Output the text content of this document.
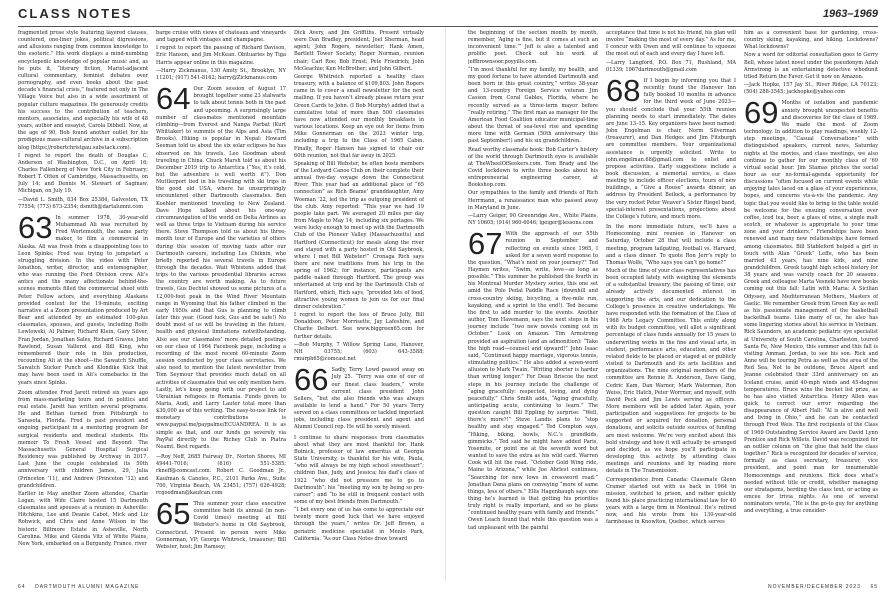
CLASS NOTES	1963–1969

fragmented prose style featuring layered clauses, countered, one-liner jokes, political digressions, and allusions ranging from common knowledge to the esoteric.” His work displays a mind-numbing encyclopedic knowledge of popular music and, as he puts it, “literary fiction, Marist-adjacent cultural commentary, feminist debates over pornography, and even books about the past decade’s financial crisis,” featured not only in The Village Voice but also in a wide assortment of popular culture magazines. He generously credits his success to the contribution of teachers, mentors, associates, and especially his wife of 48 years, author and essayist, Carola Dibbell. Now, at the age of 90, Bob found another outlet for his prodigious mass-cultural archive in a subscription blog (https://robertchristgau.substack.com).

I regret to report the death of Douglas C. Anderson of Washington, D.C., on April 16; Charles Fallenberg of New York City in February; Robert T. Otten of Cambridge, Massachusetts, on July 14; and Dennis M. Stewart of Saginaw, Michigan, on July 19.

—David L. Smith, 834 Box 25384, Galveston, TX 77554; (773) 673-2354; dsmith@dartalumni.com

63 In summer 1978, 30-year-old Muhammad Ali was recruited by Fred Wortemouth, the same party maker, to film a commercial in Alaska. Ali was fresh from a disappointing loss to Leon Spinks; Fred was trying to jumpstart a struggling division. In the video with Peter Ionathon, writer, director, and entomographer, who was running the Ford Division crew. Ali’s antics and the many affectionate behind-the-scenes moments filled the commercial shoot with Peter. Fellow actors, and everything Alaskans provided context for the 19-minute, exciting narrative at a Zoom presentation produced by Art Bear and attended by an estimated 100-plus classmates, spouses, and guests, including Rolfe Lowlowski, Al Palmer, Richard Klein, Gary Silver, Fran Jordan, Jonathan Sales, Richard Graves, John Rawlend, Susan Vallerot and Bill King, who remembered their role in this production, recounting Ali at the shoot—the Sawatch Shuffle, Sawatch Sucker Punch and Klondike Kick that may have been used in Ali’s comebacks in the years since Spinks.

Zoom attendee Fred Jarett retired six years ago from mass-marketing tours and in politics and real estate. Jarett has written several programs. He and Bethan turned from Pittsburgh to Sarasota, Florida. Fred is past president and ongoing participant in a mentoring program for surgical residents and medical students. His memoir To Fresh Vessel and Beyond: The Massachusetts General Hospital Surgical Residency was published by Archway in 2017. Last June the couple celebrated its 50th anniversary with children James, 29, Julia (Princeton ’11), and Andrew (Princeton ’12) and grandchildren.

Earlier in May another Zoom attendee, Charlie Logan, with Wife Claire hosted 15 Dartmouth classmates and spouses at a reunion in Asheville: Hitchkins, Lee and Deanie Cabot, Mick and Liz Rohwick, and Chris and Anne Wilson in the historic Biltmore Estate in Asheville, North Carolina. Mike and Glenda Vitz of White Plains, New York, embarked on a Burgundy, France, river

barge cruise with views of chateaux and vineyards and tapped with vintages and champagne.

I regret to report the passing of Richard Davison, Eric Hanson, and Jim McKean. Obituaries by Tiga Harris appear online in this magazine.

—Harry Zickmanus, 130 Amity St., Brooklyn, NY 11201; (917) 541-8162; harry@Zickmanus.com

64 Our Zoom session of August 17 brought together some 23 stalwarts to talk about tennis both in the past and upcoming. A surprisingly large number of classmates mentioned mountain climbing—from Everest and Nanga Parbat (Kurt Whittaker) to summits of the Alps and Asia (Tim Brooks). Hiking is popular in Nepal: Howard Seeman told us about the six solar eclipses he has observed on his travels. Leo Goodman about traveling in China. Chuck Marsh told us about his December 2019 trip to Antarctica (“Yes, it’s cold, but the adventure is well worth it”). Don Muttlerport tied in his traveling with ski trips in the good old USA, where he unsurprisingly encountered other Dartmouth classmates. Ben Koehler mentioned traveling to New Zealand. Dave Hope talked about his one-way circumnavigation of the world on Delta Airlines as well as three trips to Vietnam during his service there. Steve Thompson told us about his three-month tour of Europe and the varieties of others during this session of moving taxis after our Dartmouth careers, including Les Chiknin, who briefly reported his several travels in Europe through the decades. Wait Whistens added that trips to the various presidential libraries across the country are worth making. As to future travels, Gus Dechtel showed us some pictures of a 12,000-foot peak in the Wind River Mountain range in Wyoming that his father climbed in the early 1950s and that Gus is planning to climb later this year. (Good luck, Gus and be safe!) No doubt most of us will be traveling in the future, health and physical limitations notwithstanding. Also see our classmates’ more detailed postings on our class of 1964 Facebook page, including a recording of the most recent 60-minute Zoom session conducted by your class secretaries. We also need to mention the latest newsletter from Tom Seymour that provides much detail on all activities of classmates that we only mention here. Lastly, let’s keep going with our project to aid Ukrainian refugees in Romania. Funds given to Maria, Audi, and Larry Lauter total more than $30,000 as of this writing. The easy-to-use link for monetary contributions is www.paypal.me/paypalme/ECUANDREA. It is as simple as that, and our funds go severely via PayPal directly to the Richey Club in Piatra Neamt. Best regards.

—Roy Neff, 2685 Fairway Dr., Norton Shores, MI 49441-7016; (616) 551-5385; rkneff@comcast.com. Robert C. Goodman Jr., Kaufman & Canoles, P.C., 2101 Parks Ave., Suite 700, Virginia Beach, VA 23451; (757) 626-4928; rcgoodman@kaufcan.com

65 This summer your class executive committee held its annual (in non-Covid times) meeting at Bill Webster’s home in Old Saybrook, Connecticut. Present in person were Mike Gonnerman, VP; George Whitrock, treasurer; Bill Webster, host; Jim Ramsey;

Dick Avery, and Jim Griffiths. Present virtually were Dan Bradley, president; Joel Sherman, head agent; John Rogers, newsletter; Hank Amen, Bartlett Tower Society; Roger Norman, reunion chair; Carl Roe; Bob Ernst; Pete Friedrich; John McGeachie; Ken McBrother; and John Gilbert.

George Whitreich reported a healthy class treasury, with a balance of $109,803. John Rogers came in to cover a small newsletter for the next mailing. If you haven’t already please return your Green Cards to John. (I Bob Murphy) added that a cumulative total of more than 500 classmates have now attended our monthly breakfasts in various locations. Keep an eye out for items from Mike Gonnerman on the 2023 winter trip, including a trip to the Class of 1965 Cabin. Finally, Roger Hansen has signed to chair our 60th reunion, not that far away in 2025.

Speaking of Bill Webster, he often hosts members of the Ledyard Canoe Club on their complete their annual five-day voyage down the Connecticut River. This year had an additional place of “65 connection” as Rich Beame’ granddaughter, Amy Woeman ’22, led the trip as outgoing president of the club. Amy reported: “This year we had 19 people take part. We averaged 20 miles per day from Maple to May 14, including six portages. We were lucky enough to meet up with the Dartmouth Club of the Pioneer Valley (Massachusetts) and Hartford (Connecticut) for meals along the river and stayed with a party hosted in Old Saybrook, where I met Bill Webster!” Cronaga Rich says there are new traditions from his trip in the spring of 1962; for instance, participants are paddle naked through Hartford. The group was entertained at trip end by the Dartmouth Club of Hartford, which, Rich says, “provided lots of food, attractive young women to join us for our final dinner celebration.”

I regret to report the loss of Bruce Jolly, Bill Donaldson, Peter Morrisette, Jay Lafeshire, and Charlie Delhert. See www.biggreen65.com for further details.

—Bob Murphy, 7 Willow Spring Lane, Hanover, NH 03755; (603) 643-3588; rmurph65@comcast.net

66 Sadly, Terry Lowd passed away on July 25. “Terry was one of our of our finest class leaders,” wrote current class president John Sellers, “but she also friends who was always available to lend a hand.” For 50 years Terry served on a class committees or tackled important jobs, including class president and agent and Alumni Council rep. He will be sorely missed.

I continue to share responses from classmates about what they are most thankful for. Hank Botnick, professor of law emeritus at Georgia State University, is thankful for his wife, Paula, “who will always be my high school sweetheart”; children Dan, Judy, and Jessica; his dad’s class of 1922 “who did not pressure me to go to Dartmouth”; his “meeting my son by being so pro-career”; and “to be still in frequent contact with some of my best friends from Dartmouth.”

“I bet every one of us has come to appreciate our twenty more good luck that we have enjoyed through the years,” writes Dr. Jeff Brown, a geriatric medicine specialist in Menlo Park, California. “As our Class Notes draw toward

the beginning of the section month by month, remember, ‘Aging is fine, but it comes at such an inconvenient time.’” Jeff is also a talented and prolific poet. Check out his work at jeffbrownsoor.poyyills.com.

“I’m most thankful for my family, my health, and my good fortune to have attended Dartmouth and been born in this great country,” writes 38-year and 13-country Foreign Service veteran Jim Casson from Coral Gables, Florida, where he recently served as a three-term mayor before “really retiring.” The first man as manager for the American Food Coalition educator municipal-time about the threat of sea-level rise and spending more time with German (50th anniversary this past September!) and his six grandchildren.

Read worthy classmate book: Bob Carter’s history of the world through Dartmouth eyes is available at TheWheelOfSeekers.com. Tom Brady and the Covid lockdown to write three books about his entrepreneurial engineering career, at Bookshop.com.

Our sympathies to the family and friends of Rich Herrmann, a renaissance man who passed away in Maryland in June.

—Larry Geiger, 90 Greenridge Ave., White Plains, NY 10605; (914) 960-6046; lgeiger@lessons.com

67 With the approach of our 55th reunion in September and reflecting on events since 1965, I asked for a seven word response to the question, “What’s next on your journey?” Ted Haymen writes, “Swim, write, love—as long as possible.” This summer he published the fourth in his Montreal Murder Mystery series, this one set amid the Pole Pedal Paddle Race (downhill and cross-country skiing, bicycling, a five-mile run, kayaking, and a sprint to the end!). Ted became the first to add murder to the events. Another author, Tom Havemann, says the next steps in his journey include “two new novels coming out in October.” Look on Amazon. Tim Armstrong provided an aspiration (and an admonition): “Take the high road—counsel and upward!” John Isaac said, “Continued happy marriage, vigorous tennis, stimulating politics.” He also added a seven-word allusion to Mark Twain, “Writing shorter is harder than writing longer.” For Dean Briscoe the next steps in his journey include the challenge of “aging gracefully: respected, loving, and dying peacefully.” Chris Smith adds, “Aging gracefully, anticipating acute, continuing to learn.” The question caught Bill Eppling by surprise: “Well, there’s more?!” Steve Landis plans to “stop healthy and stay engaged.” Ted Compton says, “Hiking, biking, bowls, N.C.’s grandkids, gimmicks.” Ted said he might have added Paris, Yosemite, or point me at the seventh word but wanted to save the extra as his wild card. Warren Cook will hit the road. “October Gold Wing ride, Maine to Arizona,” while Joe Ahrlest continues, “Searching for new lows in crossword road.” Jonathan Dana plans on conveying “more of same things, less of others.” Ellis Hagenbaugh says one thing he’s learned is that getting his priorities truly right is really important, and so he plans “continued healthy years with family and friends.” Owen Leach found that while this question was a tad unpleasant with the painful

acceptance that time is not his friend, his plan will involve “making the most of every day.” As for me, I concur with Owen and will continue to squeeze the most out of each and every day I have left.

—Larry Langford, P.O. Box 71, Rushland, MA 01339; 1967dartmouth@gmail.com

68 If I begin by informing you that I recently found the Hanover Inn fully booked 10 months in advance for the third week of June 2023—you should conclude that your 55th reunion planning needs to start immediately. The dates are June 13–15. Key organizers have been named: John Engelman is chair, Norm Silverman (treasurer), and Dan Hedges and Jim Fitzburgh are committee members. Your organizational assistance is urgently solicited. Write to john.engelman.68@gmail.com to enlist and propose activities. Early suggestions include a book discussion, a memorial service, a class meeting to include officer elections, tours of new buildings, a “Give a Rouse” awards dinner, an address by President Beilock, a performance by the very rocket Peter Weaver’s Sister Riegel band, special-interest presentations, projections about the College’s future, and much more.

In the more immediate future, we’ll have a Homecoming mini reunion in Hanover on Saturday, October 28 that will include a class meeting, program tailgating, football vs. Harvard, and a class dinner. To quote Ron Jerr’s reply to Thomas Wolfe, “Who says you can’t go home?”

Much of the time of your class representatives has been occupied lately with weighing the elements of a substantial treasury, the passing of time, our already actively documented interest in supporting the arts, and our dedication to the College’s presence in creative undertakings. We have responded with the formation of the Class of 1968 Arts Legacy Committee. This entity along with its budget committee, will allot a significant percentage of class funds annually for 15 years to underwriting works in the fine and visual arts, in student, performance arts, education, and other related fields to be placed or staged at or publicly visited to Dartmouth and its arts facilities and organizations. The nine original members of the committee are Rennie R. Anderson, Dave Gang, Cedric Kam, Dan Warner, Mark Waterman, Ron Weiss, Eric Hatch, Peter Worrner, and myself, with David Peck and Jim Lewis serving as officers. More members will be added later. Again, your participation and suggestions for projects to be supported or acquired for donation, personal donations, and solicits outside sources of funding are most welcome. We’re very excited about this bold strategy and how it will actually be arranged and decided, as we hope you’ll participate in developing this activity by attending class meetings and reunions and by reading more details in The Transmission.

Correspondence from Canada: Classmate Glenn Cramer started out with us back in 1964 in mission, switched to prison, and rather quickly found his place practicing international law for 40 years with a large firm in Montreal. He’s retired now, and his wrote from his 130-year-old farmhouse in Knowlton, Quebec, which serves

him as a convenient base for gardening, cross-country skiing, kayaking, and hiking. Lockdowns? What lockdowns?

Now a word for editorial consultation goes to Gerry Bell, whose latest novel under the pseudonym Adah Armstrong is an entertaining detective whodunit titled Return the Favor. Get it now on Amazon.

—Jack Hopke, 157 Jay St., River Ridge, LA 70123; (504) 288-3545; jackhopke@yahoo.com

69 Months of isolation and pandemic anxiety brought unexpected benefits and discoveries for the class of 1969. We made the most of Zoom technology. In addition to play readings, weekly 12-step meetings, “Casual Conversations” with distinguished speakers, current news, Saturday nights at the movies, and class meetings, we also continue to gather for our monthly class of ’69 virtual social hour. Jim Stamas pitches the social hour as our no-formal-agenda opportunity for discussions “often focused on current events while enjoying tales laced on a glass of your experiences, hopes, and concerns vis-à-vis the pandemic. Any topic that you would like to bring to the table would be welcome for the ensuing conversation over coffee, iced tea, beer, a glass of wine, a single malt scotch, or whatever is appropriate to your time zone and your drinkers.” Friendships have been renewed and many new relationships have formed among classmates. Bill Stableford helped a girl in touch with Alan “Greek” Leffe, who has been married 43 years, has nine kids, and nine grandchildren. Greek taught high school history for 38 years and was varsity coach for 20 seasons. Greek and colleague Marta Vesneki have new books coming out this fall: Latin with Maria: A Sicilian Odyssey, and Mediterranean Mothers, Masters of Gaelic. We remember Greek from Green Key as well as his passionate management of the basketball backetball teams. Like many of us, he also has some lingering stories about his service in Vietnam. Rick Saunders, an academic pediatric eye specialist at University of South Carolina, Charleston, toured Santa Fe, New Mexico, this summer and this fall is visiting Amman, Jordan, to see his son. Rick and Anne will be touring Petra as well as the area of the Red Sea. Not to be outdone, Bruce Alpert and Jeanne celebrated their 33rd anniversary on an Iceland cruise, amid 40-mph winds and 45-degree temperatures. Bruce wins the bucket list prize, as he has also visited Antarctica. Henry Allen was quick to correct our error regarding the disappearance of Albert Hall: “Al is alive and well and living in Ohio,” and he can be contacted through Fred Weis. The first recipients of the Class of 1969 Outstanding Service Award are David Lynn Prentice and Rick Willets. David was recognized for an outlier column on “the glue that held the class together.” Rick is recognized for decades of service, formally as class secretary, treasurer, vice president, and point man for innumerable Homecomings and reunions. Rick does what’s needed without title or credit, whether managing our stratagems, herding the class text, or acting as emcee for trivia nights. As one of several nominators wrote, “He is the go-to guy for anything and everything, a true consider-
64 DARTMOUTH ALUMNI MAGAZINE	NOVEMBER/DECEMBER 2023 65
